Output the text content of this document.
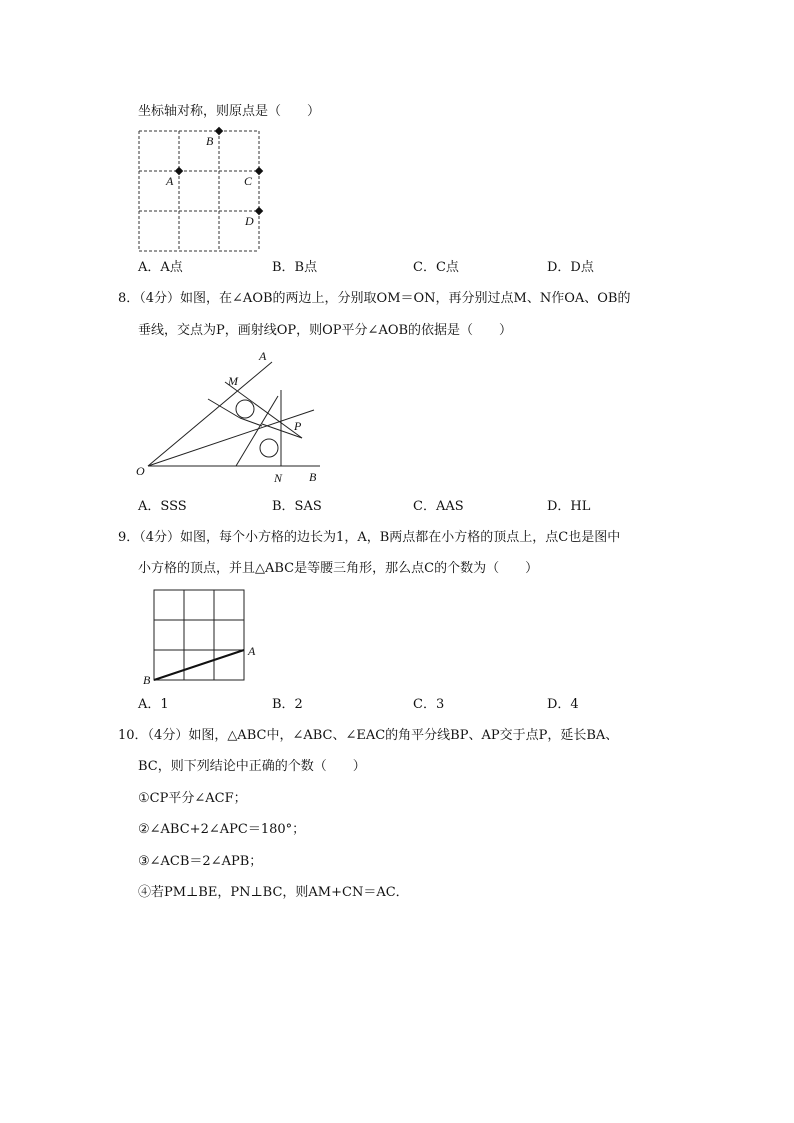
坐标轴对称，则原点是（　　）
B
A	C
D
A．A点	B．B点	C．C点	D．D点
8．（4分）如图，在∠AOB的两边上，分别取OM＝ON，再分别过点M、N作OA、OB的
垂线，交点为P，画射线OP，则OP平分∠AOB的依据是（　　）
A
M
P
O	N B
A．SSS	B．SAS	C．AAS	D．HL
9．（4分）如图，每个小方格的边长为1，A，B两点都在小方格的顶点上，点C也是图中
小方格的顶点，并且△ABC是等腰三角形，那么点C的个数为（　　）
A
B
A．1	B．2	C．3	D．4
10．（4分）如图，△ABC中，∠ABC、∠EAC的角平分线BP、AP交于点P，延长BA、
BC，则下列结论中正确的个数（　　）
①CP平分∠ACF；
②∠ABC+2∠APC＝180°；
③∠ACB＝2∠APB；
④若PM⊥BE，PN⊥BC，则AM+CN＝AC．
